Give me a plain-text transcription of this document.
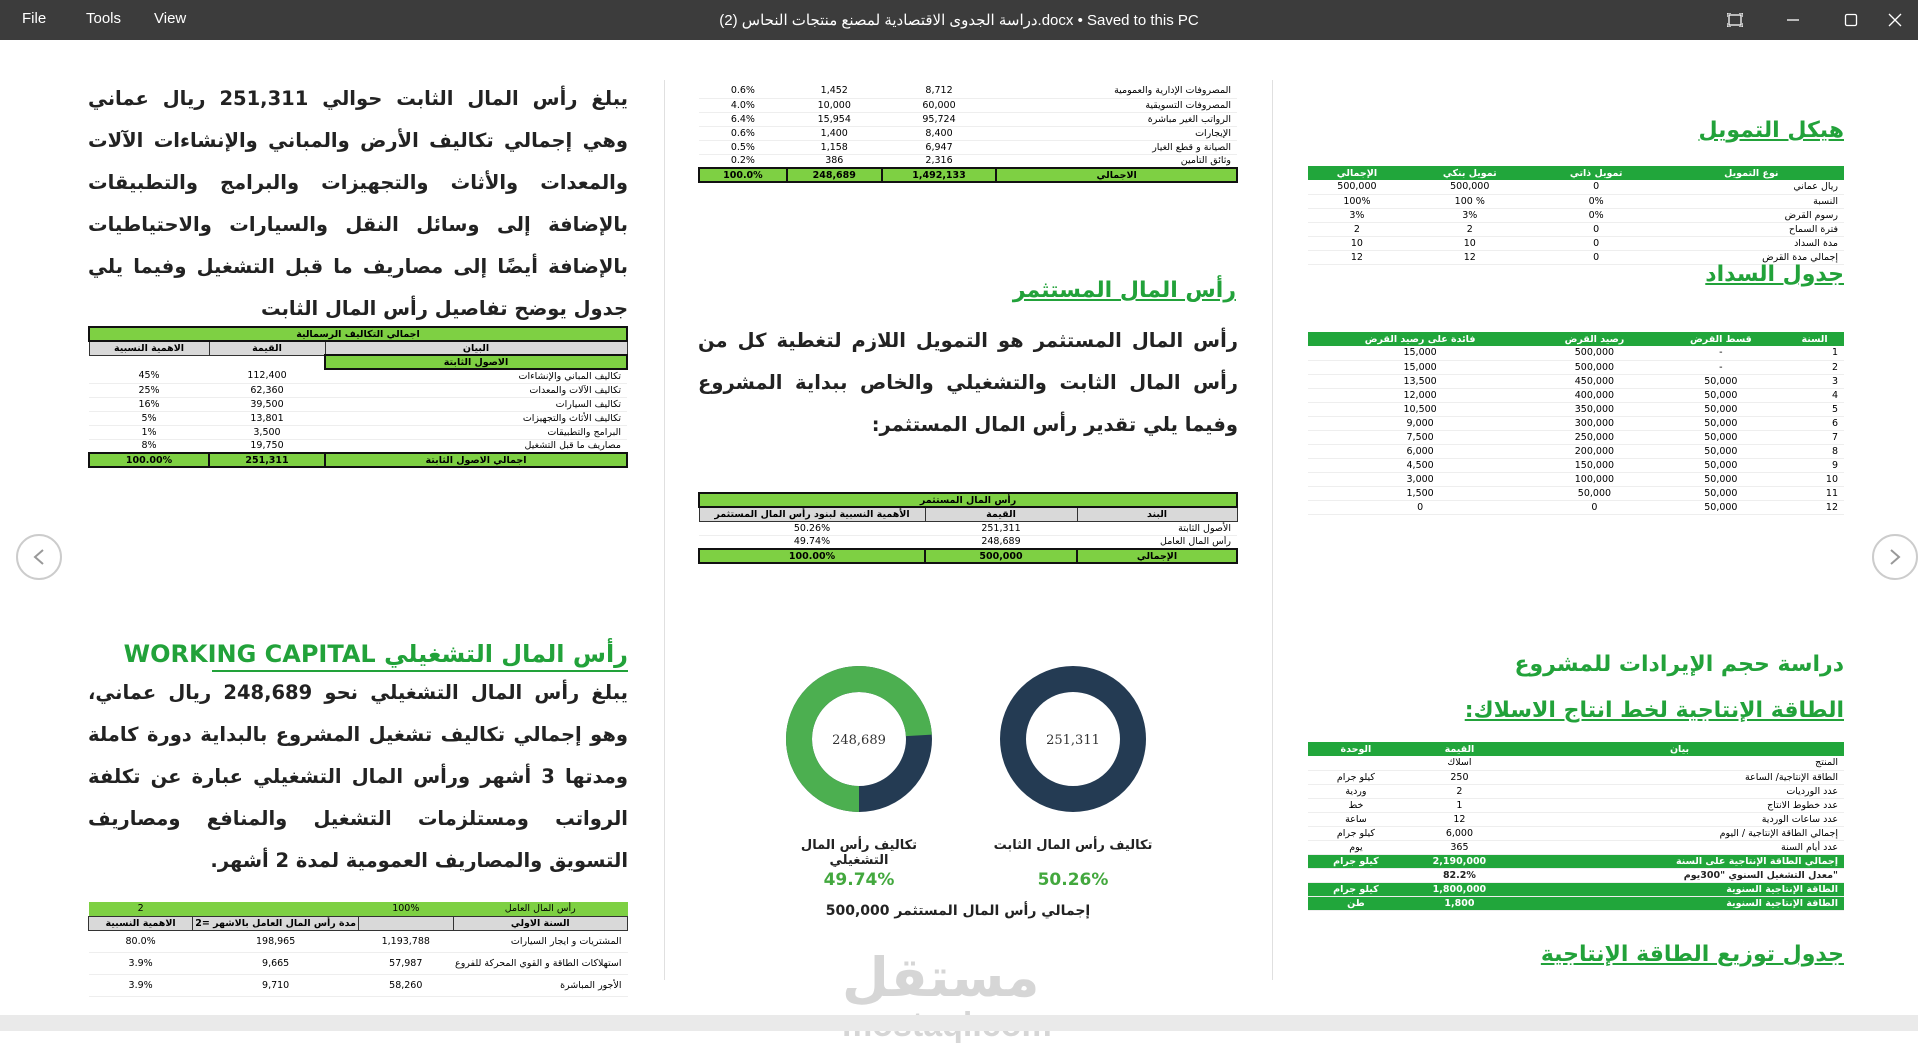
File	Tools View	دراسة الجدوى الاقتصادية لمصنع منتجات النحاس (2).docx • Saved to this PC
يبلغ رأس المال الثابت حوالي 251,311 ريال عماني وهي إجمالي تكاليف الأرض والمباني والإنشاءات الآلات والمعدات والأثاث والتجهيزات والبرامج والتطبيقات بالإضافة إلى وسائل النقل والسيارات والاحتياطيات بالإضافة أيضًا إلى مصاريف ما قبل التشغيل وفيما يلي جدول يوضح تفاصيل رأس المال الثابت
اجمالي التكاليف الرسمالية		
الاهمية النسبية	القيمة	البيان
		الاصول الثابتة
45%	112,400	تكاليف المباني والإنشاءات
25%	62,360	تكاليف الآلات والمعدات
16%	39,500	تكاليف السيارات
5%	13,801	تكاليف الأثاث والتجهيزات
1%	3,500	البرامج والتطبيقات
8%	19,750	مصاريف ما قبل التشغيل
100.00%	251,311	اجمالي الاصول الثابتة
رأس المال التشغيلي WORKING CAPITAL
يبلغ رأس المال التشغيلي نحو 248,689 ريال عماني، وهو إجمالي تكاليف تشغيل المشروع بالبداية دورة كاملة ومدتها 3 أشهر ورأس المال التشغيلي عبارة عن تكلفة الرواتب ومستلزمات التشغيل والمنافع ومصاريف التسويق والمصاريف العمومية لمدة 2 أشهر.
2		100%	رأس المال العامل
الاهمية النسبية	مدة رأس المال العامل بالاشهر =2		السنة الاولي
80.0%	198,965	1,193,788	المشتريات و ايجار السيارات
3.9%	9,665	57,987	استهلاكات الطاقة و القوي المحركة للفروع
3.9%	9,710	58,260	الأجور المباشرة
0.6%	1,452	8,712	المصروفات الإدارية والعمومية
4.0%	10,000	60,000	المصروفات التسويقية
6.4%	15,954	95,724	الرواتب الغير مباشرة
0.6%	1,400	8,400	الإيجارات
0.5%	1,158	6,947	الصيانة و قطع الغيار
0.2%	386	2,316	وثائق التأمين
100.0%	248,689	1,492,133	الاجمالي
رأس المال المستثمر
رأس المال المستثمر هو التمويل اللازم لتغطية كل من رأس المال الثابت والتشغيلي والخاص ببداية المشروع وفيما يلي تقدير رأس المال المستثمر:
رأس المال المستثمر		
الأهمية النسبية لبنود رأس المال المستثمر	القيمة	البند
50.26%	251,311	الأصول الثابتة
49.74%	248,689	رأس المال العامل
100.00%	500,000	الإجمالي
248,689	251,311
تكاليف رأس المال التشغيلي
تكاليف رأس المال الثابت
49.74%	50.26%
إجمالي رأس المال المستثمر 500,000
مستقل
هيكل التمويل
الإجمالي	تمويل بنكي	تمويل ذاتي	نوع التمويل
500,000	500,000	0	ريال عماني
100%	100 %	0%	النسبة
3%	3%	0%	رسوم القرض
2	2	0	فترة السماح
10	10	0	مدة السداد
12	12	0	إجمالي مدة القرض
جدول السداد
فائدة على رصيد القرض	رصيد القرض	قسط القرض	السنة
15,000	500,000	-	1
15,000	500,000	-	2
13,500	450,000	50,000	3
12,000	400,000	50,000	4
10,500	350,000	50,000	5
9,000	300,000	50,000	6
7,500	250,000	50,000	7
6,000	200,000	50,000	8
4,500	150,000	50,000	9
3,000	100,000	50,000	10
1,500	50,000	50,000	11
0	0	50,000	12
دراسة حجم الإيرادات للمشروع
الطاقة الإنتاجية لخط انتاج الاسلاك:
الوحدة	القيمة	بيان
	اسلاك	المنتج
كيلو جرام	250	الطاقة الإنتاجية/ الساعة
وردية	2	عدد الورديات
خط	1	عدد خطوط الانتاج
ساعة	12	عدد ساعات الوردية
كيلو جرام	6,000	إجمالي الطاقة الإنتاجية / اليوم
يوم	365	عدد أيام السنة
كيلو جرام	2,190,000	إجمالي الطاقة الإنتاجية على السنة
	82.2%	معدل التشغيل السنوي "300يوم"
كيلو جرام	1,800,000	الطاقة الإنتاجية السنوية
طن	1,800	الطاقة الإنتاجية السنوية
جدول توزيع الطاقة الإنتاجية
